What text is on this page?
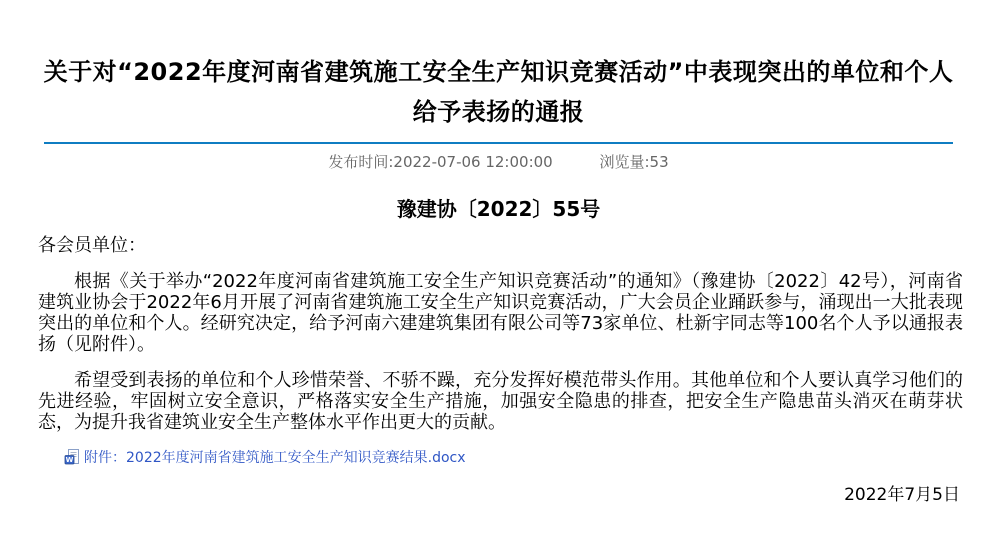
关于对“2022年度河南省建筑施工安全生产知识竞赛活动”中表现突出的单位和个人给予表扬的通报
发布时间:2022-07-06 12:00:00	浏览量:53
豫建协〔2022〕55号
各会员单位：
根据《关于举办“2022年度河南省建筑施工安全生产知识竞赛活动”的通知》（豫建协〔2022〕42号），河南省建筑业协会于2022年6月开展了河南省建筑施工安全生产知识竞赛活动，广大会员企业踊跃参与，涌现出一大批表现突出的单位和个人。经研究决定，给予河南六建建筑集团有限公司等73家单位、杜新宇同志等100名个人予以通报表扬（见附件）。
希望受到表扬的单位和个人珍惜荣誉、不骄不躁，充分发挥好模范带头作用。其他单位和个人要认真学习他们的先进经验，牢固树立安全意识，严格落实安全生产措施，加强安全隐患的排查，把安全生产隐患苗头消灭在萌芽状态，为提升我省建筑业安全生产整体水平作出更大的贡献。
W 附件：2022年度河南省建筑施工安全生产知识竞赛结果.docx
2022年7月5日
